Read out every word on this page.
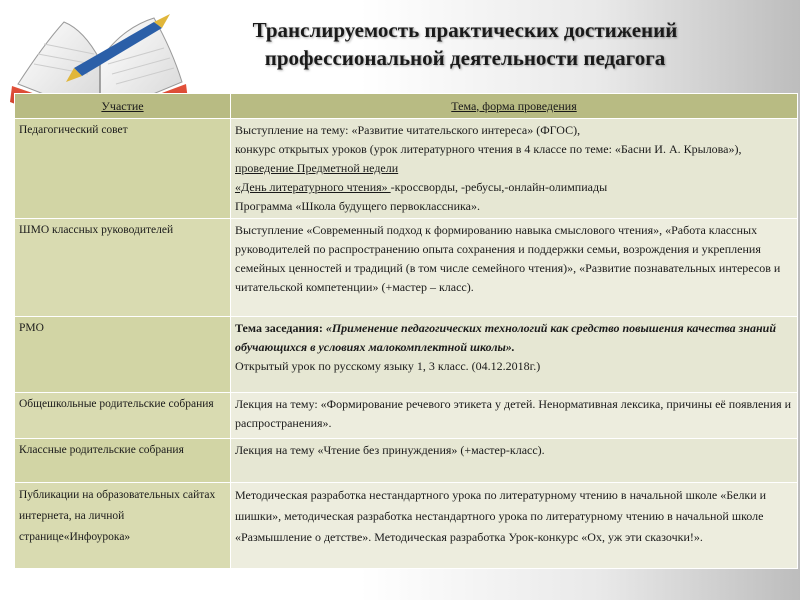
Транслируемость практических достижений
профессиональной деятельности педагога
Участие	Тема, форма проведения
Педагогический совет	Выступление на тему: «Развитие читательского интереса» (ФГОС),
конкурс открытых уроков (урок литературного чтения в 4 классе по теме: «Басни И. А. Крылова»), проведение Предметной недели
«День литературного чтения» -кроссворды, -ребусы,-онлайн-олимпиады
Программа «Школа будущего первоклассника».
ШМО классных руководителей	Выступление «Современный подход к формированию навыка смыслового чтения», «Работа классных руководителей по распространению опыта сохранения и поддержки семьи, возрождения и укрепления семейных ценностей и традиций (в том числе семейного чтения)», «Развитие познавательных интересов и читательской компетенции» (+мастер – класс).
РМО	Тема заседания: «Применение педагогических технологий как средство повышения качества знаний обучающихся в условиях малокомплектной школы».
Открытый урок по русскому языку 1, 3 класс. (04.12.2018г.)
Общешкольные родительские собрания	Лекция на тему: «Формирование речевого этикета у детей. Ненормативная лексика, причины её появления и распространения».
Классные родительские собрания	Лекция на тему «Чтение без принуждения» (+мастер-класс).
Публикации на образовательных сайтах интернета, на личной странице«Инфоурока»	Методическая разработка нестандартного урока по литературному чтению в начальной школе «Белки и шишки», методическая разработка нестандартного урока по литературному чтению в начальной школе «Размышление о детстве». Методическая разработка Урок-конкурс «Ох, уж эти сказочки!».
